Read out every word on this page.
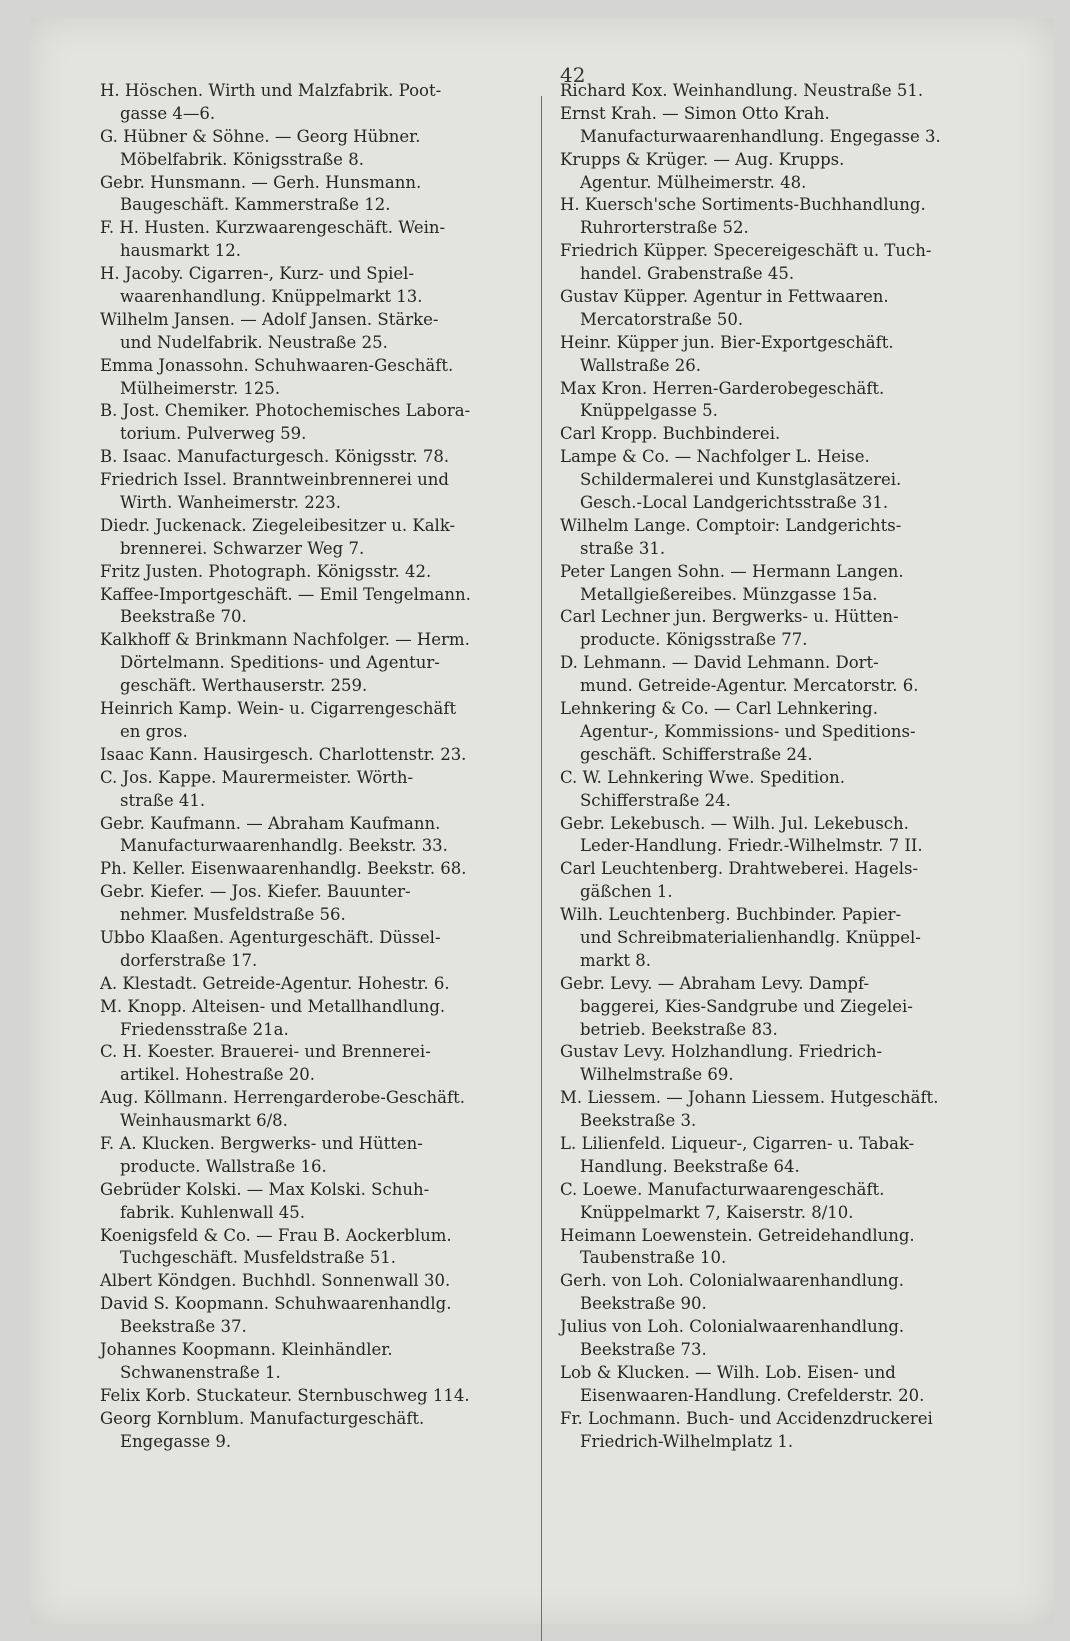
42
H. Höschen. Wirth und Malzfabrik. Poot-
gasse 4—6.
G. Hübner & Söhne. — Georg Hübner.
Möbelfabrik. Königsstraße 8.
Gebr. Hunsmann. — Gerh. Hunsmann.
Baugeschäft. Kammerstraße 12.
F. H. Husten. Kurzwaarengeschäft. Wein-
hausmarkt 12.
H. Jacoby. Cigarren-, Kurz- und Spiel-
waarenhandlung. Knüppelmarkt 13.
Wilhelm Jansen. — Adolf Jansen. Stärke-
und Nudelfabrik. Neustraße 25.
Emma Jonassohn. Schuhwaaren-Geschäft.
Mülheimerstr. 125.
B. Jost. Chemiker. Photochemisches Labora-
torium. Pulverweg 59.
B. Isaac. Manufacturgesch. Königsstr. 78.
Friedrich Issel. Branntweinbrennerei und
Wirth. Wanheimerstr. 223.
Diedr. Juckenack. Ziegeleibesitzer u. Kalk-
brennerei. Schwarzer Weg 7.
Fritz Justen. Photograph. Königsstr. 42.
Kaffee-Importgeschäft. — Emil Tengelmann.
Beekstraße 70.
Kalkhoff & Brinkmann Nachfolger. — Herm.
Dörtelmann. Speditions- und Agentur-
geschäft. Werthauserstr. 259.
Heinrich Kamp. Wein- u. Cigarrengeschäft
en gros.
Isaac Kann. Hausirgesch. Charlottenstr. 23.
C. Jos. Kappe. Maurermeister. Wörth-
straße 41.
Gebr. Kaufmann. — Abraham Kaufmann.
Manufacturwaarenhandlg. Beekstr. 33.
Ph. Keller. Eisenwaarenhandlg. Beekstr. 68.
Gebr. Kiefer. — Jos. Kiefer. Bauunter-
nehmer. Musfeldstraße 56.
Ubbo Klaaßen. Agenturgeschäft. Düssel-
dorferstraße 17.
A. Klestadt. Getreide-Agentur. Hohestr. 6.
M. Knopp. Alteisen- und Metallhandlung.
Friedensstraße 21a.
C. H. Koester. Brauerei- und Brennerei-
artikel. Hohestraße 20.
Aug. Köllmann. Herrengarderobe-Geschäft.
Weinhausmarkt 6/8.
F. A. Klucken. Bergwerks- und Hütten-
producte. Wallstraße 16.
Gebrüder Kolski. — Max Kolski. Schuh-
fabrik. Kuhlenwall 45.
Koenigsfeld & Co. — Frau B. Aockerblum.
Tuchgeschäft. Musfeldstraße 51.
Albert Köndgen. Buchhdl. Sonnenwall 30.
David S. Koopmann. Schuhwaarenhandlg.
Beekstraße 37.
Johannes Koopmann. Kleinhändler.
Schwanenstraße 1.
Felix Korb. Stuckateur. Sternbuschweg 114.
Georg Kornblum. Manufacturgeschäft.
Engegasse 9.
Richard Kox. Weinhandlung. Neustraße 51.
Ernst Krah. — Simon Otto Krah.
Manufacturwaarenhandlung. Engegasse 3.
Krupps & Krüger. — Aug. Krupps.
Agentur. Mülheimerstr. 48.
H. Kuersch'sche Sortiments-Buchhandlung.
Ruhrorterstraße 52.
Friedrich Küpper. Specereigeschäft u. Tuch-
handel. Grabenstraße 45.
Gustav Küpper. Agentur in Fettwaaren.
Mercatorstraße 50.
Heinr. Küpper jun. Bier-Exportgeschäft.
Wallstraße 26.
Max Kron. Herren-Garderobegeschäft.
Knüppelgasse 5.
Carl Kropp. Buchbinderei.
Lampe & Co. — Nachfolger L. Heise.
Schildermalerei und Kunstglasätzerei.
Gesch.-Local Landgerichtsstraße 31.
Wilhelm Lange. Comptoir: Landgerichts-
straße 31.
Peter Langen Sohn. — Hermann Langen.
Metallgießereibes. Münzgasse 15a.
Carl Lechner jun. Bergwerks- u. Hütten-
producte. Königsstraße 77.
D. Lehmann. — David Lehmann. Dort-
mund. Getreide-Agentur. Mercatorstr. 6.
Lehnkering & Co. — Carl Lehnkering.
Agentur-, Kommissions- und Speditions-
geschäft. Schifferstraße 24.
C. W. Lehnkering Wwe. Spedition.
Schifferstraße 24.
Gebr. Lekebusch. — Wilh. Jul. Lekebusch.
Leder-Handlung. Friedr.-Wilhelmstr. 7 II.
Carl Leuchtenberg. Drahtweberei. Hagels-
gäßchen 1.
Wilh. Leuchtenberg. Buchbinder. Papier-
und Schreibmaterialienhandlg. Knüppel-
markt 8.
Gebr. Levy. — Abraham Levy. Dampf-
baggerei, Kies-Sandgrube und Ziegelei-
betrieb. Beekstraße 83.
Gustav Levy. Holzhandlung. Friedrich-
Wilhelmstraße 69.
M. Liessem. — Johann Liessem. Hutgeschäft.
Beekstraße 3.
L. Lilienfeld. Liqueur-, Cigarren- u. Tabak-
Handlung. Beekstraße 64.
C. Loewe. Manufacturwaarengeschäft.
Knüppelmarkt 7, Kaiserstr. 8/10.
Heimann Loewenstein. Getreidehandlung.
Taubenstraße 10.
Gerh. von Loh. Colonialwaarenhandlung.
Beekstraße 90.
Julius von Loh. Colonialwaarenhandlung.
Beekstraße 73.
Lob & Klucken. — Wilh. Lob. Eisen- und
Eisenwaaren-Handlung. Crefelderstr. 20.
Fr. Lochmann. Buch- und Accidenzdruckerei
Friedrich-Wilhelmplatz 1.
